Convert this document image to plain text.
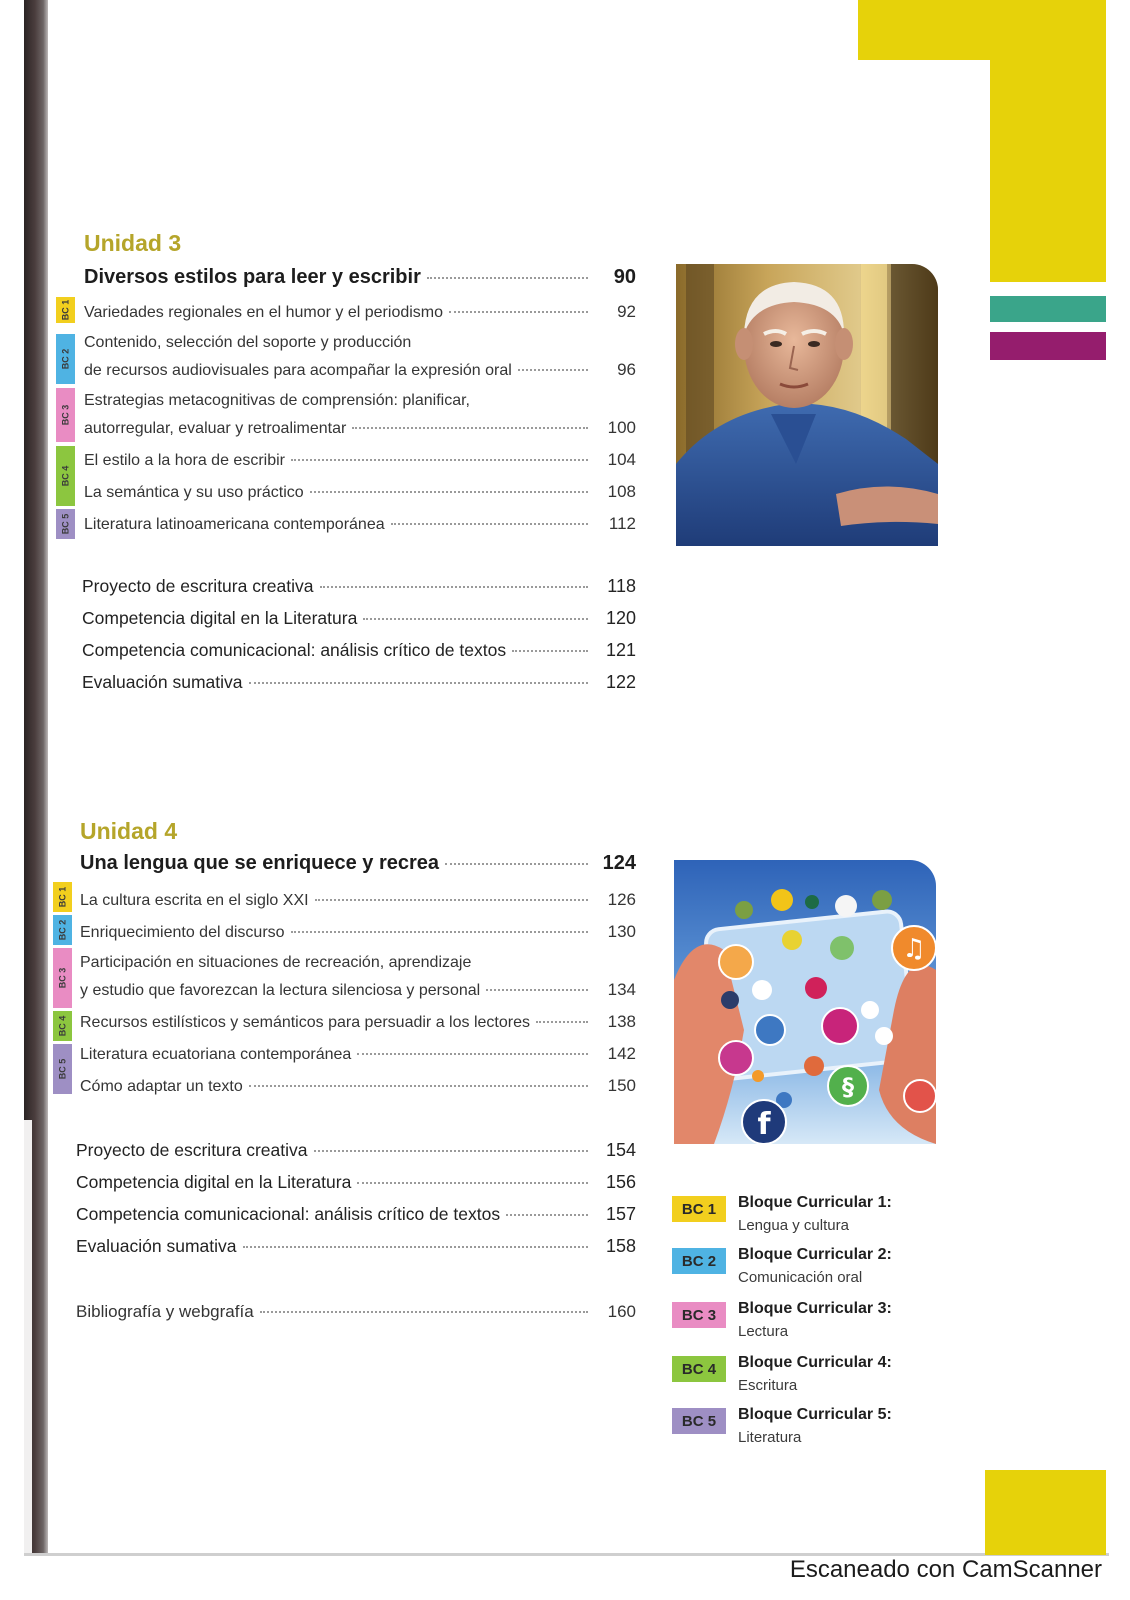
Unidad 3
Diversos estilos para leer y escribir	90
BC 1
BC 2
BC 3
BC 4
BC 5
Variedades regionales en el humor y el periodismo	92
Contenido, selección del soporte y producción
de recursos audiovisuales para acompañar la expresión oral	96
Estrategias metacognitivas de comprensión: planificar,
autorregular, evaluar y retroalimentar	100
El estilo a la hora de escribir	104
La semántica y su uso práctico	108
Literatura latinoamericana contemporánea	112
Proyecto de escritura creativa	118
Competencia digital en la Literatura	120
Competencia comunicacional: análisis crítico de textos	121
Evaluación sumativa	122
Unidad 4
Una lengua que se enriquece y recrea	124
BC 1
BC 2
BC 3
BC 4
BC 5
La cultura escrita en el siglo XXI	126
Enriquecimiento del discurso	130
Participación en situaciones de recreación, aprendizaje
y estudio que favorezcan la lectura silenciosa y personal	134
Recursos estilísticos y semánticos para persuadir a los lectores	138
Literatura ecuatoriana contemporánea	142
Cómo adaptar un texto	150
Proyecto de escritura creativa	154
Competencia digital en la Literatura	156
Competencia comunicacional: análisis crítico de textos	157
Evaluación sumativa	158
Bibliografía y webgrafía	160
♫
§
f
BC 1	Bloque Curricular 1:
Lengua y cultura
BC 2	Bloque Curricular 2:
Comunicación oral
BC 3	Bloque Curricular 3:
Lectura
BC 4	Bloque Curricular 4:
Escritura
BC 5	Bloque Curricular 5:
Literatura
Escaneado con CamScanner
